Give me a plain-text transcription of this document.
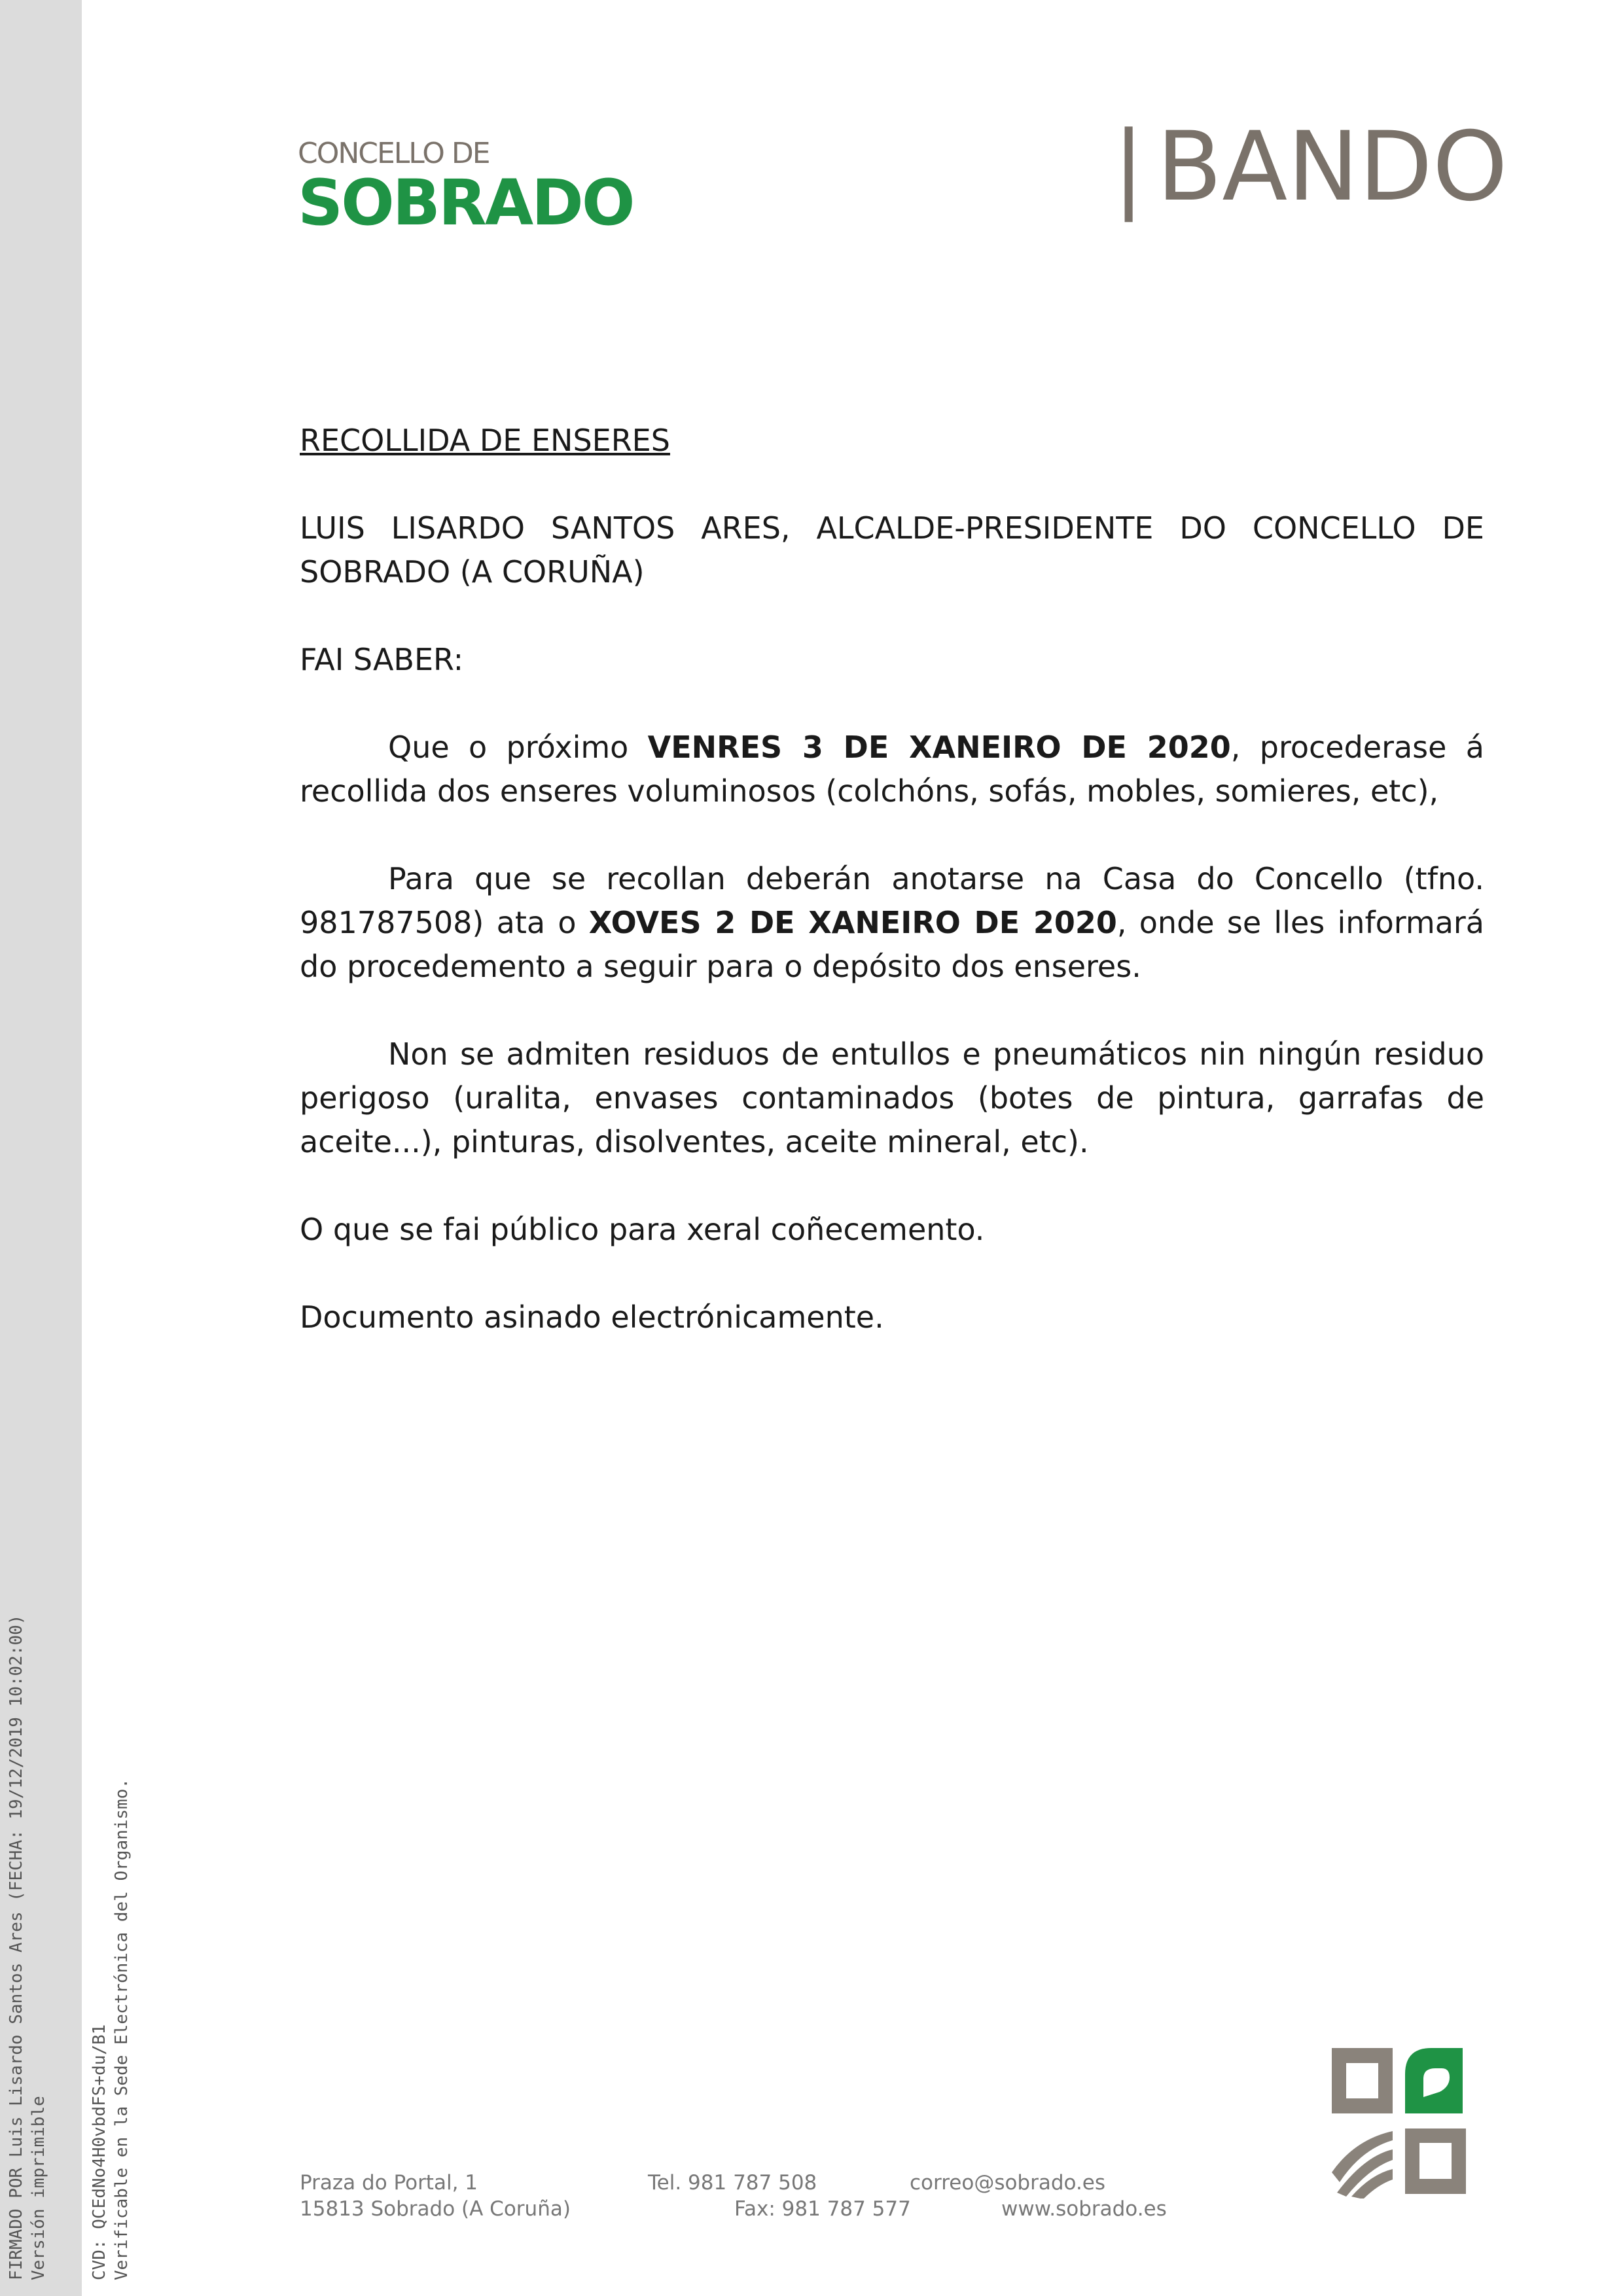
FIRMADO POR Luis Lisardo Santos Ares (FECHA: 19/12/2019 10:02:00) Versión imprimible CVD: QCEdNo4H0vbdFS+du/B1 Verificable en la Sede Electrónica del Organismo.
CONCELLO DE
SOBRADO	| BANDO

RECOLLIDA DE ENSERES

LUIS LISARDO SANTOS ARES, ALCALDE-PRESIDENTE DO CONCELLO DE SOBRADO (A CORUÑA)

FAI SABER:

Que o próximo VENRES 3 DE XANEIRO DE 2020, procederase á recollida dos enseres voluminosos (colchóns, sofás, mobles, somieres, etc),

Para que se recollan deberán anotarse na Casa do Concello (tfno. 981787508) ata o XOVES 2 DE XANEIRO DE 2020, onde se lles informará do procedemento a seguir para o depósito dos enseres.

Non se admiten residuos de entullos e pneumáticos nin ningún residuo perigoso (uralita, envases contaminados (botes de pintura, garrafas de aceite...), pinturas, disolventes, aceite mineral, etc).

O que se fai público para xeral coñecemento.

Documento asinado electrónicamente.

Praza do Portal, 1
15813 Sobrado (A Coruña)
Tel. 981 787 508
Fax: 981 787 577
correo@sobrado.es
www.sobrado.es
